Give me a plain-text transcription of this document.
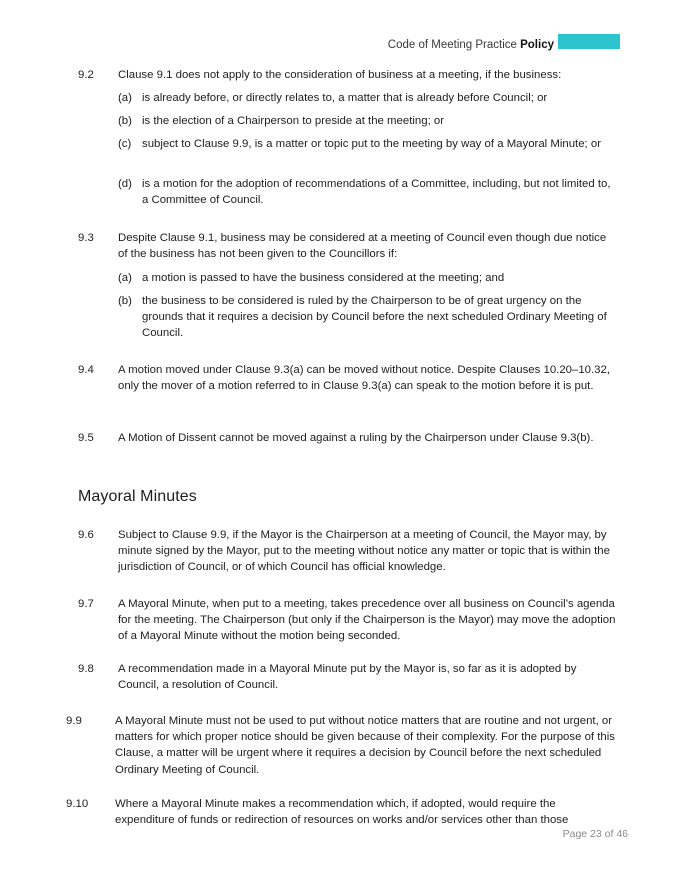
Code of Meeting Practice Policy
9.2 Clause 9.1 does not apply to the consideration of business at a meeting, if the business:
(a) is already before, or directly relates to, a matter that is already before Council; or
(b) is the election of a Chairperson to preside at the meeting; or
(c) subject to Clause 9.9, is a matter or topic put to the meeting by way of a Mayoral Minute; or
(d) is a motion for the adoption of recommendations of a Committee, including, but not limited to, a Committee of Council.
9.3 Despite Clause 9.1, business may be considered at a meeting of Council even though due notice of the business has not been given to the Councillors if:
(a) a motion is passed to have the business considered at the meeting; and
(b) the business to be considered is ruled by the Chairperson to be of great urgency on the grounds that it requires a decision by Council before the next scheduled Ordinary Meeting of Council.
9.4 A motion moved under Clause 9.3(a) can be moved without notice. Despite Clauses 10.20–10.32, only the mover of a motion referred to in Clause 9.3(a) can speak to the motion before it is put.
9.5 A Motion of Dissent cannot be moved against a ruling by the Chairperson under Clause 9.3(b).
Mayoral Minutes
9.6 Subject to Clause 9.9, if the Mayor is the Chairperson at a meeting of Council, the Mayor may, by minute signed by the Mayor, put to the meeting without notice any matter or topic that is within the jurisdiction of Council, or of which Council has official knowledge.
9.7 A Mayoral Minute, when put to a meeting, takes precedence over all business on Council’s agenda for the meeting. The Chairperson (but only if the Chairperson is the Mayor) may move the adoption of a Mayoral Minute without the motion being seconded.
9.8 A recommendation made in a Mayoral Minute put by the Mayor is, so far as it is adopted by Council, a resolution of Council.
9.9	A Mayoral Minute must not be used to put without notice matters that are routine and not urgent, or matters for which proper notice should be given because of their complexity. For the purpose of this Clause, a matter will be urgent where it requires a decision by Council before the next scheduled Ordinary Meeting of Council.
9.10 Where a Mayoral Minute makes a recommendation which, if adopted, would require the expenditure of funds or redirection of resources on works and/or services other than those
Page 23 of 46
